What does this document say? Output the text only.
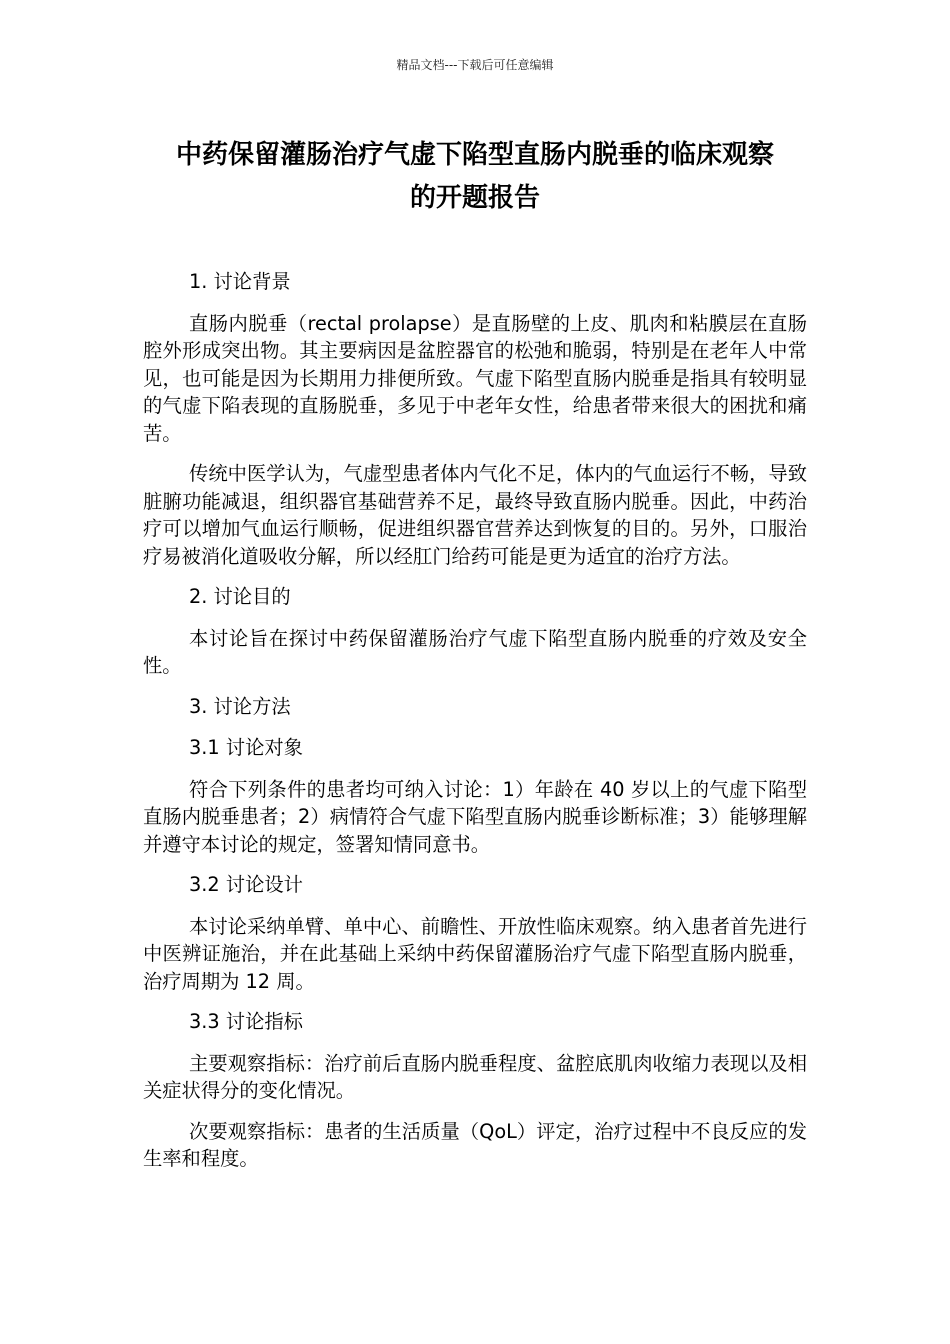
精品文档---下载后可任意编辑
中药保留灌肠治疗气虚下陷型直肠内脱垂的临床观察
的开题报告

1. 讨论背景

直肠内脱垂（rectal prolapse）是直肠壁的上皮、肌肉和粘膜层在直肠腔外形成突出物。其主要病因是盆腔器官的松弛和脆弱，特别是在老年人中常见，也可能是因为长期用力排便所致。气虚下陷型直肠内脱垂是指具有较明显的气虚下陷表现的直肠脱垂，多见于中老年女性，给患者带来很大的困扰和痛苦。

传统中医学认为，气虚型患者体内气化不足，体内的气血运行不畅，导致脏腑功能减退，组织器官基础营养不足，最终导致直肠内脱垂。因此，中药治疗可以增加气血运行顺畅，促进组织器官营养达到恢复的目的。另外，口服治疗易被消化道吸收分解，所以经肛门给药可能是更为适宜的治疗方法。

2. 讨论目的

本讨论旨在探讨中药保留灌肠治疗气虚下陷型直肠内脱垂的疗效及安全性。

3. 讨论方法

3.1 讨论对象

符合下列条件的患者均可纳入讨论：1）年龄在 40 岁以上的气虚下陷型直肠内脱垂患者；2）病情符合气虚下陷型直肠内脱垂诊断标准；3）能够理解并遵守本讨论的规定，签署知情同意书。

3.2 讨论设计

本讨论采纳单臂、单中心、前瞻性、开放性临床观察。纳入患者首先进行中医辨证施治，并在此基础上采纳中药保留灌肠治疗气虚下陷型直肠内脱垂，治疗周期为 12 周。

3.3 讨论指标

主要观察指标：治疗前后直肠内脱垂程度、盆腔底肌肉收缩力表现以及相关症状得分的变化情况。

次要观察指标：患者的生活质量（QoL）评定，治疗过程中不良反应的发生率和程度。
